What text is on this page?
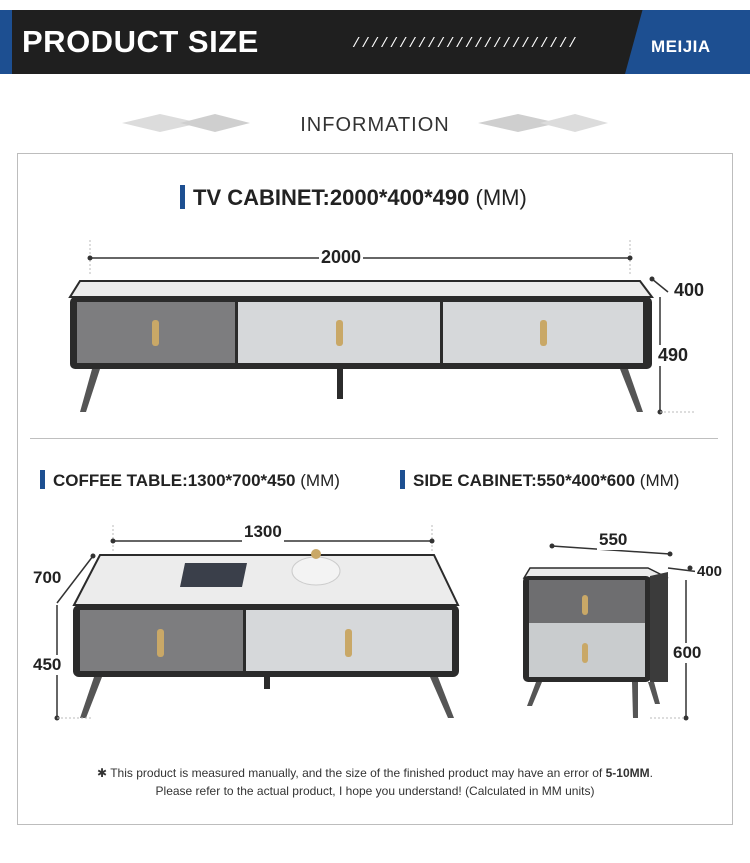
PRODUCT SIZE	////////////////////////	MEIJIA
INFORMATION
TV CABINET:2000*400*490 (MM)
2000
400
490
COFFEE TABLE:1300*700*450 (MM)	SIDE CABINET:550*400*600 (MM)
1300
700
450
550
400
600
✱ This product is measured manually, and the size of the finished product may have an error of 5-10MM.
Please refer to the actual product, I hope you understand! (Calculated in MM units)
